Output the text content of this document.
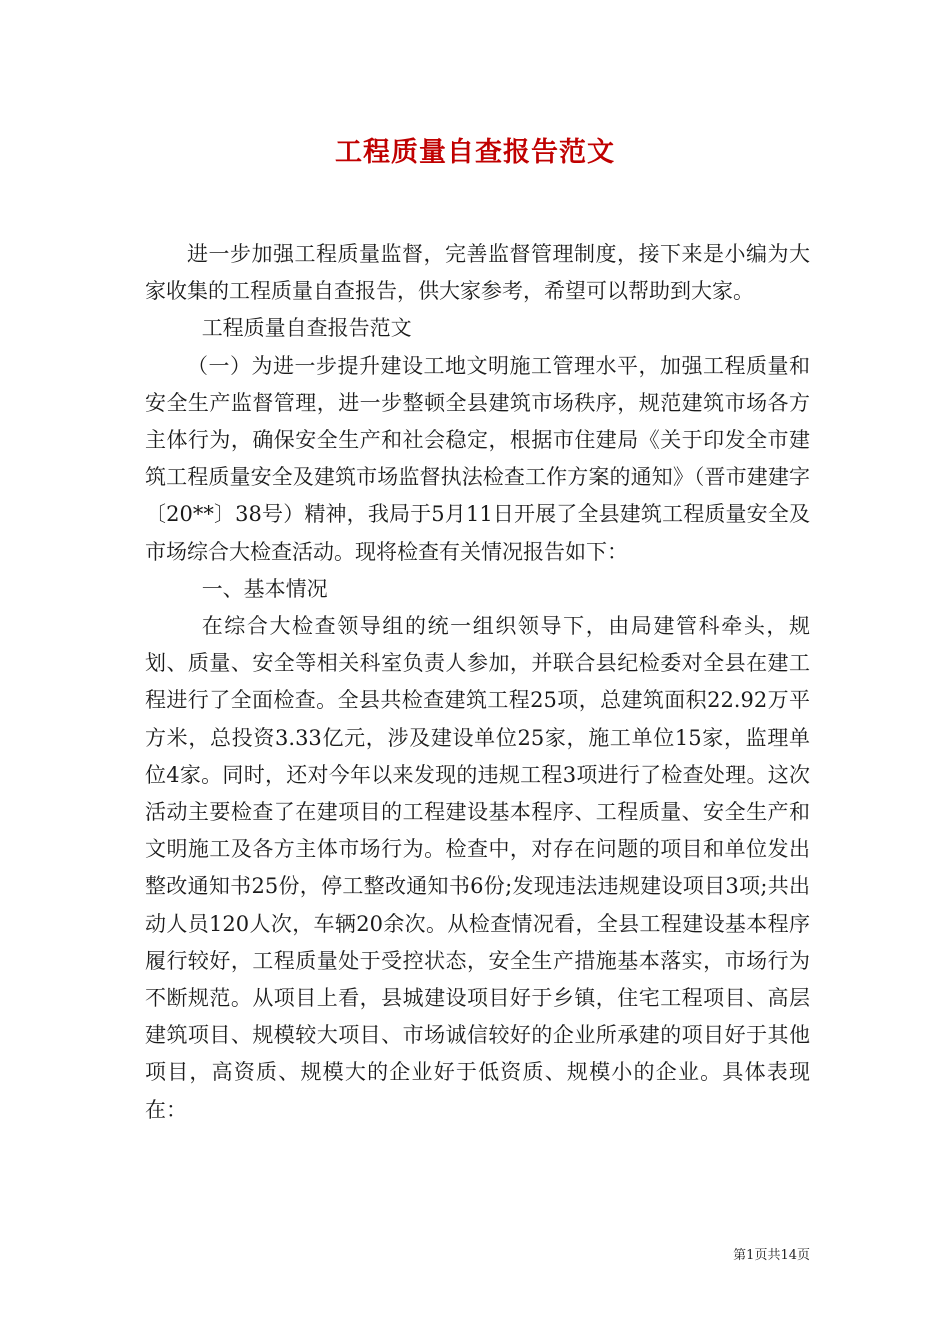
工程质量自查报告范文

进一步加强工程质量监督，完善监督管理制度，接下来是小编为大家收集的工程质量自查报告，供大家参考，希望可以帮助到大家。

工程质量自查报告范文

（一）为进一步提升建设工地文明施工管理水平，加强工程质量和安全生产监督管理，进一步整顿全县建筑市场秩序，规范建筑市场各方主体行为，确保安全生产和社会稳定，根据市住建局《关于印发全市建筑工程质量安全及建筑市场监督执法检查工作方案的通知》（晋市建建字〔20**〕38号）精神，我局于5月11日开展了全县建筑工程质量安全及市场综合大检查活动。现将检查有关情况报告如下：

一、基本情况

在综合大检查领导组的统一组织领导下，由局建管科牵头，规划、质量、安全等相关科室负责人参加，并联合县纪检委对全县在建工程进行了全面检查。全县共检查建筑工程25项，总建筑面积22.92万平方米，总投资3.33亿元，涉及建设单位25家，施工单位15家，监理单位4家。同时，还对今年以来发现的违规工程3项进行了检查处理。这次活动主要检查了在建项目的工程建设基本程序、工程质量、安全生产和文明施工及各方主体市场行为。检查中，对存在问题的项目和单位发出整改通知书25份，停工整改通知书6份;发现违法违规建设项目3项;共出动人员120人次，车辆20余次。从检查情况看，全县工程建设基本程序履行较好，工程质量处于受控状态，安全生产措施基本落实，市场行为不断规范。从项目上看，县城建设项目好于乡镇，住宅工程项目、高层建筑项目、规模较大项目、市场诚信较好的企业所承建的项目好于其他项目，高资质、规模大的企业好于低资质、规模小的企业。具体表现在：

第1页共14页
